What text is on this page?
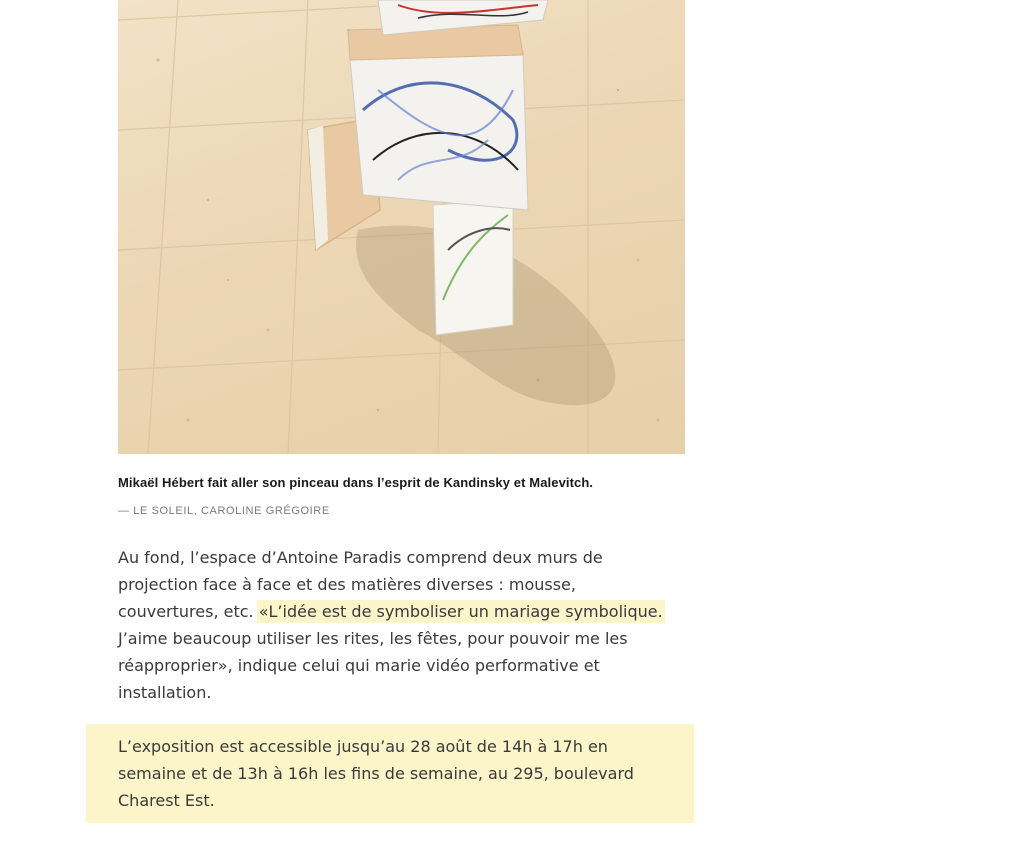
Mikaël Hébert fait aller son pinceau dans l’esprit de Kandinsky et Malevitch.
— LE SOLEIL, CAROLINE GRÉGOIRE

Au fond, l’espace d’Antoine Paradis comprend deux murs de projection face à face et des matières diverses : mousse, couvertures, etc. «L’idée est de symboliser un mariage symbolique. J’aime beaucoup utiliser les rites, les fêtes, pour pouvoir me les réapproprier», indique celui qui marie vidéo performative et installation.

L’exposition est accessible jusqu’au 28 août de 14h à 17h en semaine et de 13h à 16h les fins de semaine, au 295, boulevard Charest Est.
